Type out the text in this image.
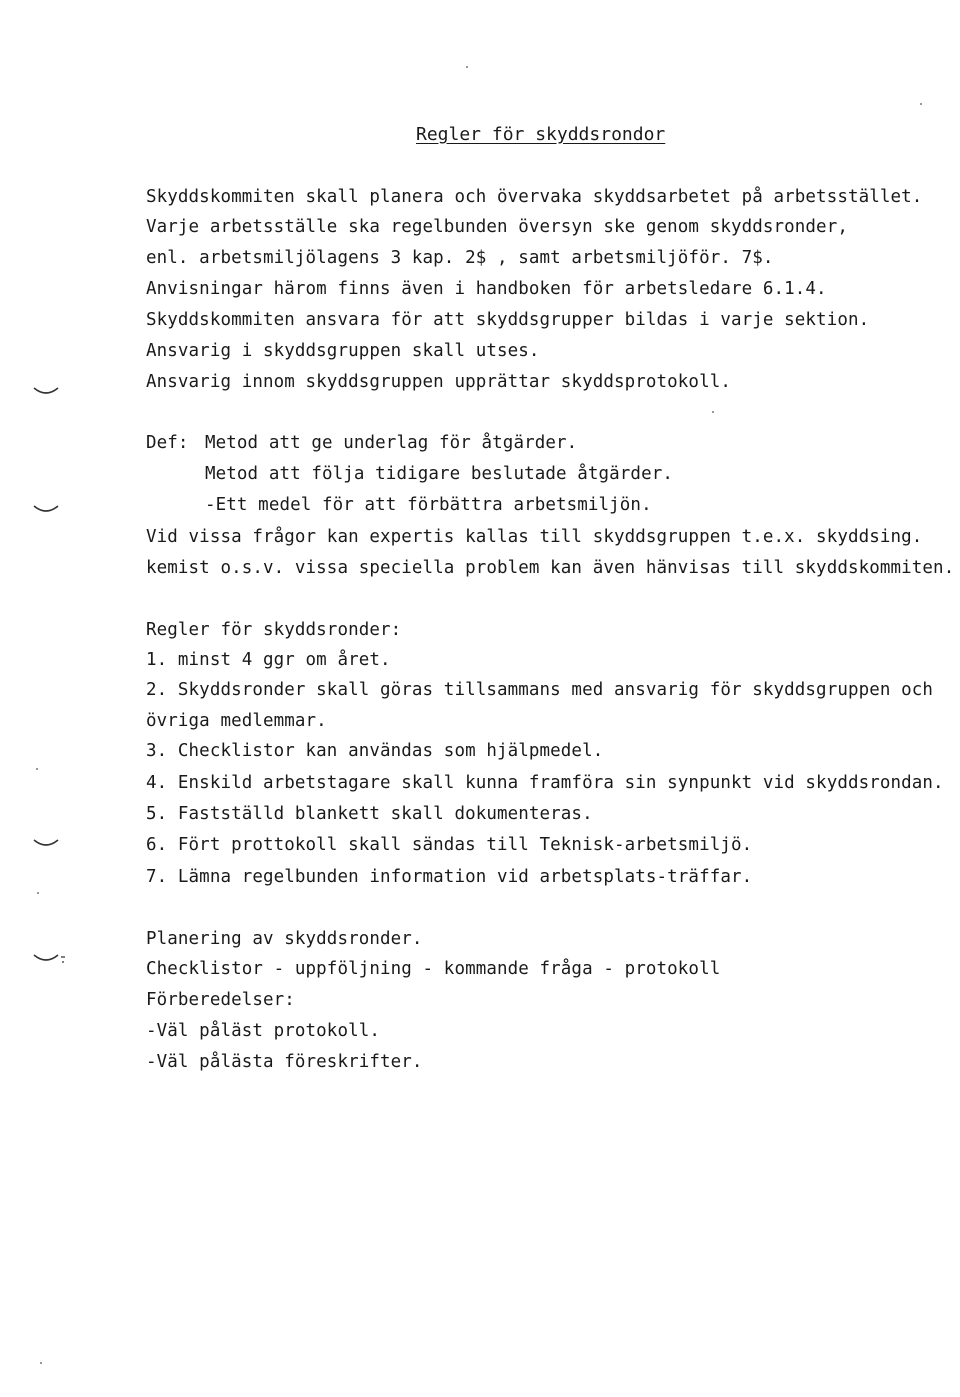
Regler för skyddsrondor
Skyddskommiten skall planera och övervaka skyddsarbetet på arbetsstället.
Varje arbetsställe ska regelbunden översyn ske genom skyddsronder,
enl. arbetsmiljölagens 3 kap. 2$ , samt arbetsmiljöför. 7$.
Anvisningar härom finns även i handboken för arbetsledare 6.1.4.
Skyddskommiten ansvara för att skyddsgrupper bildas i varje sektion.
Ansvarig i skyddsgruppen skall utses.
Ansvarig innom skyddsgruppen upprättar skyddsprotokoll.
Def: Metod att ge underlag för åtgärder.
Metod att följa tidigare beslutade åtgärder.
-Ett medel för att förbättra arbetsmiljön.
Vid vissa frågor kan expertis kallas till skyddsgruppen t.e.x. skyddsing.
kemist o.s.v. vissa speciella problem kan även hänvisas till skyddskommiten.
Regler för skyddsronder:
1. minst 4 ggr om året.
2. Skyddsronder skall göras tillsammans med ansvarig för skyddsgruppen och
övriga medlemmar.
3. Checklistor kan användas som hjälpmedel.
4. Enskild arbetstagare skall kunna framföra sin synpunkt vid skyddsrondan.
5. Fastställd blankett skall dokumenteras.
6. Fört prottokoll skall sändas till Teknisk-arbetsmiljö.
7. Lämna regelbunden information vid arbetsplats-träffar.
Planering av skyddsronder.
Checklistor - uppföljning - kommande fråga - protokoll
Förberedelser:
-Väl påläst protokoll.
-Väl pålästa föreskrifter.
